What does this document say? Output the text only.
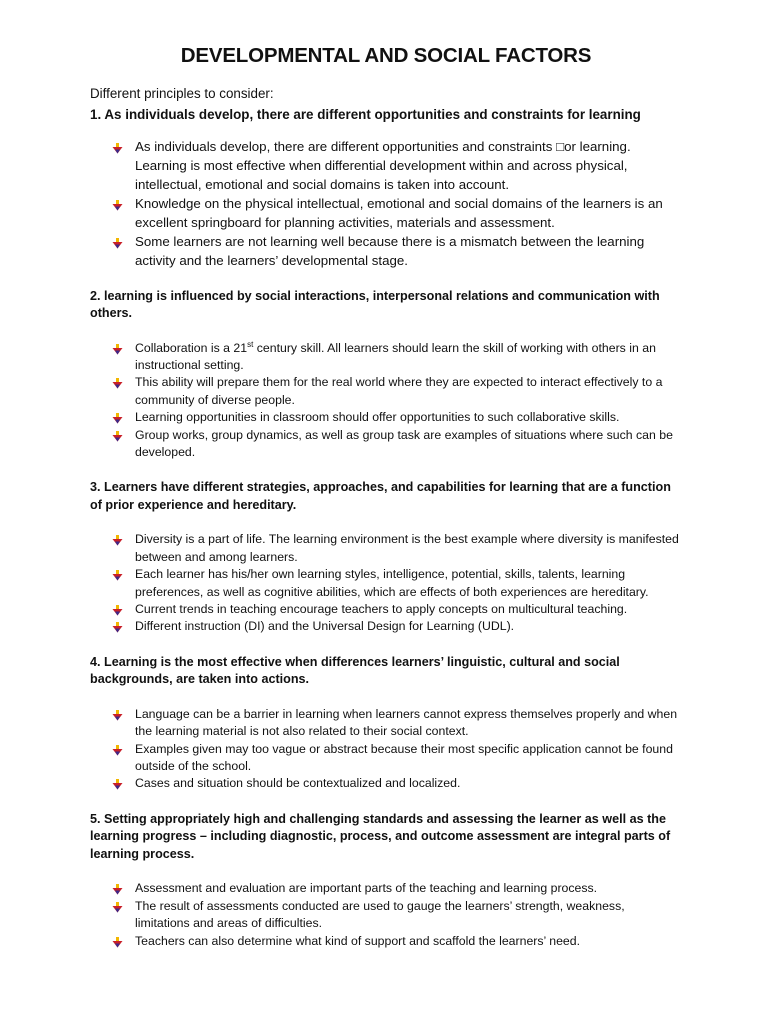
DEVELOPMENTAL AND SOCIAL FACTORS
Different principles to consider:

1. As individuals develop, there are different opportunities and constraints for learning

As individuals develop, there are different opportunities and constraints □or learning. Learning is most effective when differential development within and across physical, intellectual, emotional and social domains is taken into account.
Knowledge on the physical intellectual, emotional and social domains of the learners is an excellent springboard for planning activities, materials and assessment.
Some learners are not learning well because there is a mismatch between the learning activity and the learners’ developmental stage.

2. learning is influenced by social interactions, interpersonal relations and communication with others.

Collaboration is a 21st century skill. All learners should learn the skill of working with others in an instructional setting.
This ability will prepare them for the real world where they are expected to interact effectively to a community of diverse people.
Learning opportunities in classroom should offer opportunities to such collaborative skills.
Group works, group dynamics, as well as group task are examples of situations where such can be developed.

3. Learners have different strategies, approaches, and capabilities for learning that are a function of prior experience and hereditary.

Diversity is a part of life. The learning environment is the best example where diversity is manifested between and among learners.
Each learner has his/her own learning styles, intelligence, potential, skills, talents, learning preferences, as well as cognitive abilities, which are effects of both experiences are hereditary.
Current trends in teaching encourage teachers to apply concepts on multicultural teaching.
Different instruction (DI) and the Universal Design for Learning (UDL).

4. Learning is the most effective when differences learners’ linguistic, cultural and social backgrounds, are taken into actions.

Language can be a barrier in learning when learners cannot express themselves properly and when the learning material is not also related to their social context.
Examples given may too vague or abstract because their most specific application cannot be found outside of the school.
Cases and situation should be contextualized and localized.

5. Setting appropriately high and challenging standards and assessing the learner as well as the learning progress – including diagnostic, process, and outcome assessment are integral parts of learning process.

Assessment and evaluation are important parts of the teaching and learning process.
The result of assessments conducted are used to gauge the learners’ strength, weakness, limitations and areas of difficulties.
Teachers can also determine what kind of support and scaffold the learners’ need.
